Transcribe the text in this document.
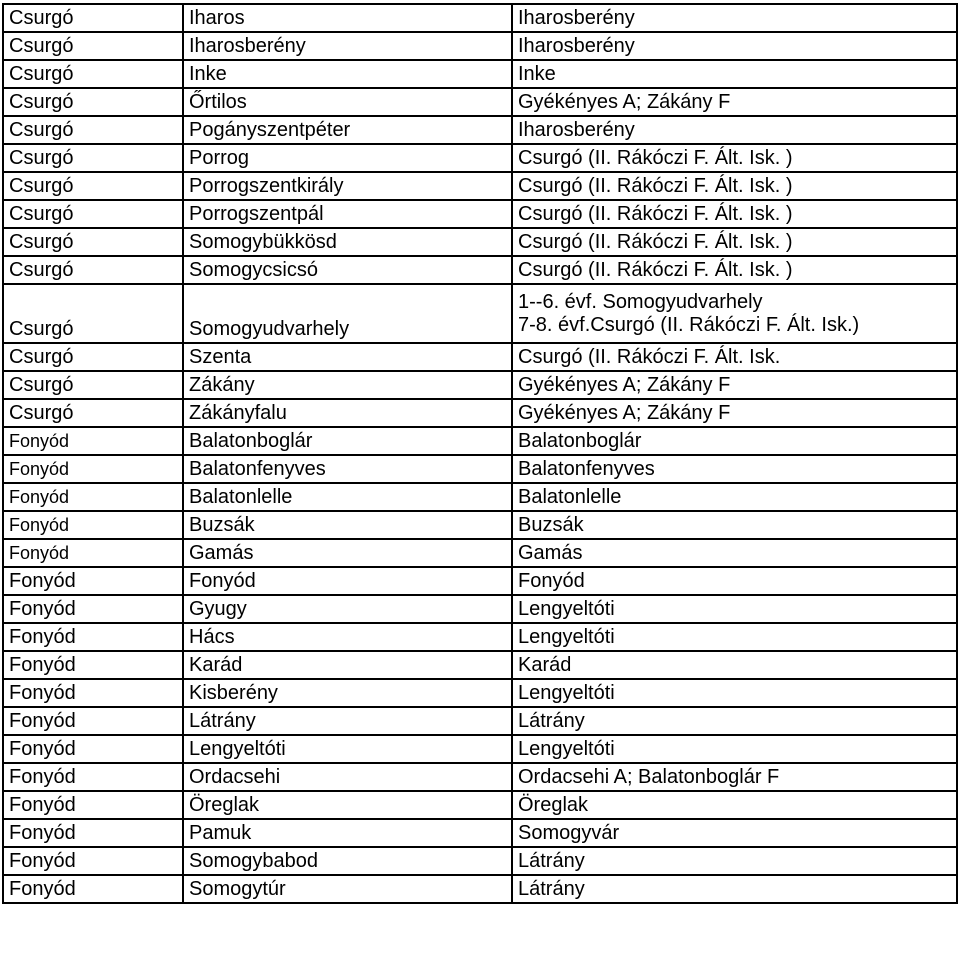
Csurgó	Iharos	Iharosberény

Csurgó	Iharosberény	Iharosberény

Csurgó	Inke	Inke

Csurgó	Őrtilos	Gyékényes A; Zákány F

Csurgó	Pogányszentpéter	Iharosberény

Csurgó	Porrog	Csurgó (II. Rákóczi F. Ált. Isk. )

Csurgó	Porrogszentkirály	Csurgó (II. Rákóczi F. Ált. Isk. )

Csurgó	Porrogszentpál	Csurgó (II. Rákóczi F. Ált. Isk. )

Csurgó	Somogybükkösd	Csurgó (II. Rákóczi F. Ált. Isk. )

Csurgó	Somogycsicsó	Csurgó (II. Rákóczi F. Ált. Isk. )

Csurgó	Somogyudvarhely	1--6. évf. Somogyudvarhely
7-8. évf.Csurgó (II. Rákóczi F. Ált. Isk.)

Csurgó	Szenta	Csurgó (II. Rákóczi F. Ált. Isk.

Csurgó	Zákány	Gyékényes A; Zákány F

Csurgó	Zákányfalu	Gyékényes A; Zákány F

Fonyód	Balatonboglár	Balatonboglár

Fonyód	Balatonfenyves	Balatonfenyves

Fonyód	Balatonlelle	Balatonlelle

Fonyód	Buzsák	Buzsák

Fonyód	Gamás	Gamás

Fonyód	Fonyód	Fonyód

Fonyód	Gyugy	Lengyeltóti

Fonyód	Hács	Lengyeltóti

Fonyód	Karád	Karád

Fonyód	Kisberény	Lengyeltóti

Fonyód	Látrány	Látrány

Fonyód	Lengyeltóti	Lengyeltóti

Fonyód	Ordacsehi	Ordacsehi A; Balatonboglár F

Fonyód	Öreglak	Öreglak

Fonyód	Pamuk	Somogyvár

Fonyód	Somogybabod	Látrány

Fonyód	Somogytúr	Látrány
